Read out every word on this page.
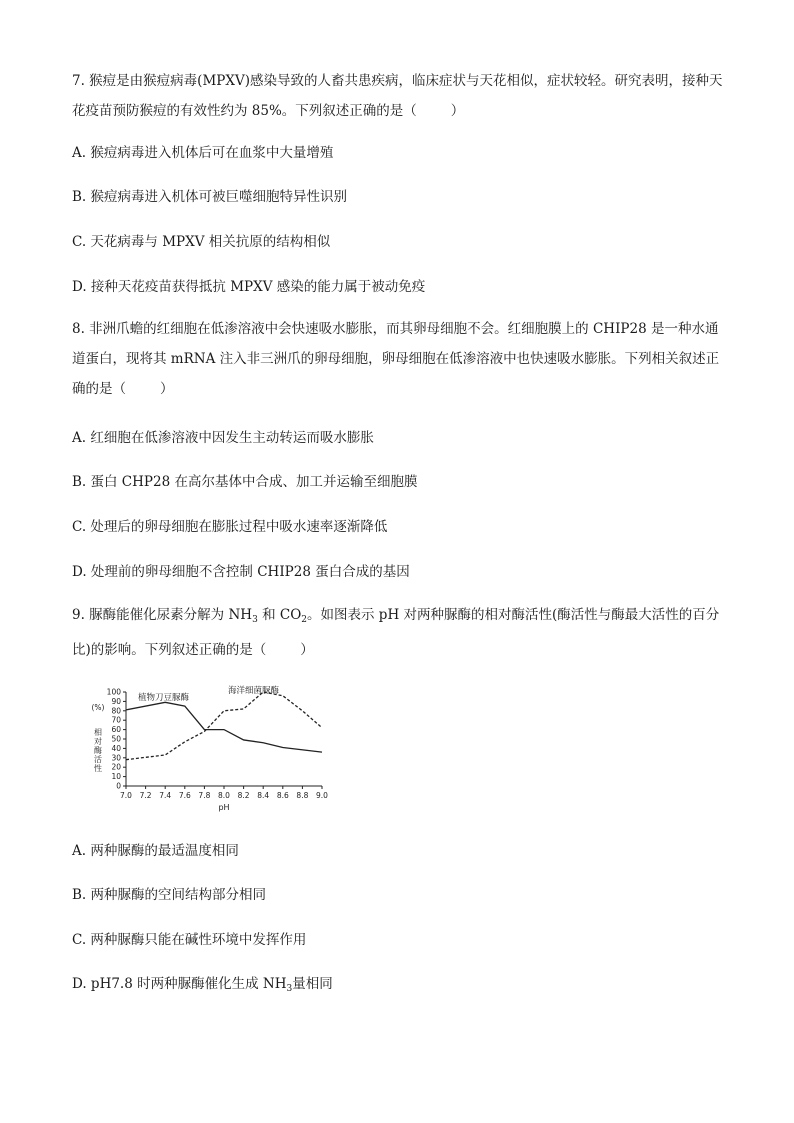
7. 猴痘是由猴痘病毒(MPXV)感染导致的人畜共患疾病，临床症状与天花相似，症状较轻。研究表明，接种天花疫苗预防猴痘的有效性约为 85%。下列叙述正确的是（	）

A. 猴痘病毒进入机体后可在血浆中大量增殖

B. 猴痘病毒进入机体可被巨噬细胞特异性识别

C. 天花病毒与 MPXV 相关抗原的结构相似

D. 接种天花疫苗获得抵抗 MPXV 感染的能力属于被动免疫

8. 非洲爪蟾的红细胞在低渗溶液中会快速吸水膨胀，而其卵母细胞不会。红细胞膜上的 CHIP28 是一种水通道蛋白，现将其 mRNA 注入非三洲爪的卵母细胞，卵母细胞在低渗溶液中也快速吸水膨胀。下列相关叙述正确的是（	）

A. 红细胞在低渗溶液中因发生主动转运而吸水膨胀

B. 蛋白 CHP28 在高尔基体中合成、加工并运输至细胞膜

C. 处理后的卵母细胞在膨胀过程中吸水速率逐渐降低

D. 处理前的卵母细胞不含控制 CHIP28 蛋白合成的基因

9. 脲酶能催化尿素分解为 $NH_3$ 和 $CO_2$。如图表示 pH 对两种脲酶的相对酶活性(酶活性与酶最大活性的百分比)的影响。下列叙述正确的是（	）

7.0 7.2 7.4 7.6 7.8 8.0 8.2 8.4 8.6 8.8 9.0
0
10
20
30
40
50
60
70
80
90
100
pH
(%)
相对酶活性
植物刀豆脲酶
海洋细菌脲酶

A. 两种脲酶的最适温度相同

B. 两种脲酶的空间结构部分相同

C. 两种脲酶只能在碱性环境中发挥作用

D. pH7.8 时两种脲酶催化生成 $NH_3$量相同
